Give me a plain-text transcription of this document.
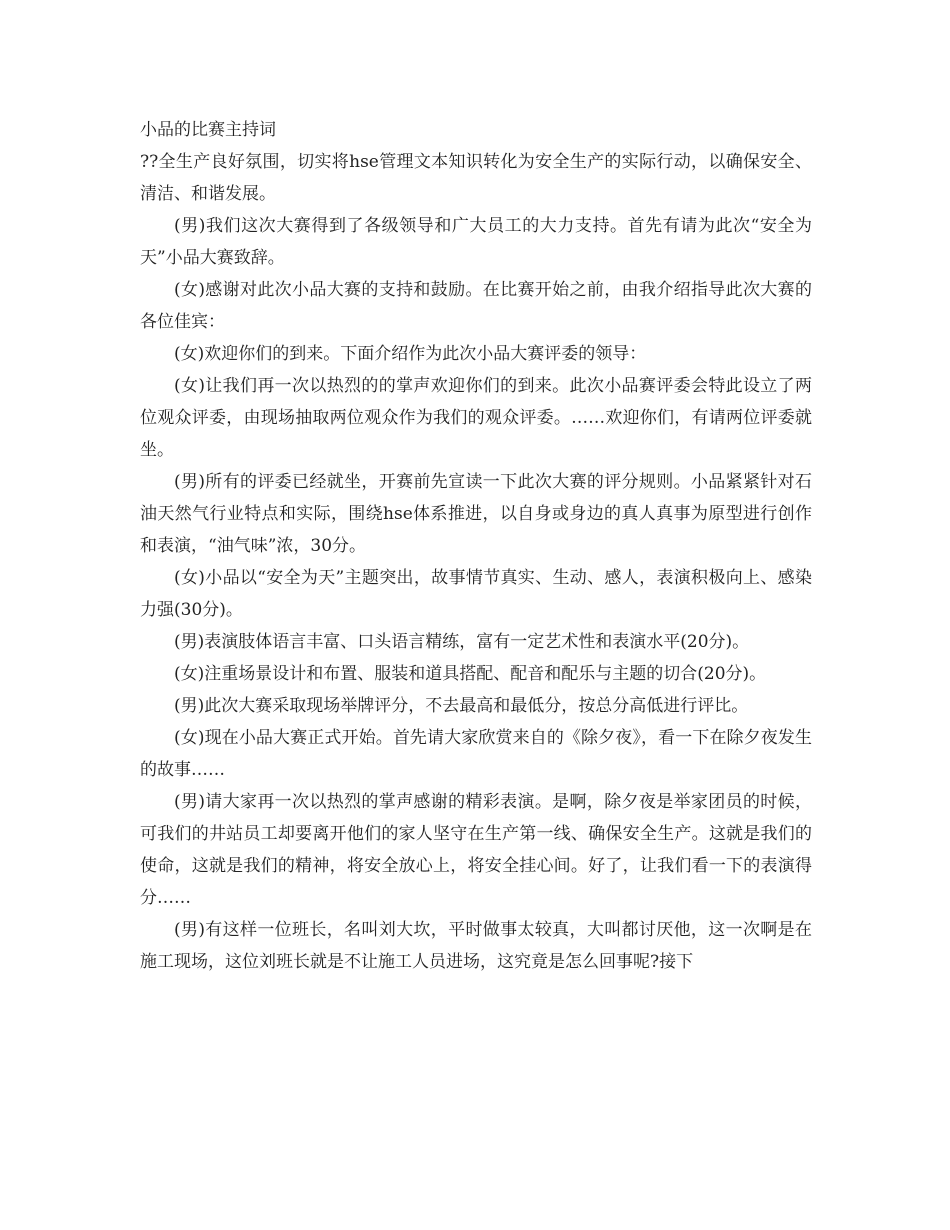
小品的比赛主持词

??全生产良好氛围，切实将hse管理文本知识转化为安全生产的实际行动，以确保安全、清洁、和谐发展。

(男)我们这次大赛得到了各级领导和广大员工的大力支持。首先有请为此次“安全为天”小品大赛致辞。

(女)感谢对此次小品大赛的支持和鼓励。在比赛开始之前，由我介绍指导此次大赛的各位佳宾：

(女)欢迎你们的到来。下面介绍作为此次小品大赛评委的领导：

(女)让我们再一次以热烈的的掌声欢迎你们的到来。此次小品赛评委会特此设立了两位观众评委，由现场抽取两位观众作为我们的观众评委。……欢迎你们，有请两位评委就坐。

(男)所有的评委已经就坐，开赛前先宣读一下此次大赛的评分规则。小品紧紧针对石油天然气行业特点和实际，围绕hse体系推进，以自身或身边的真人真事为原型进行创作和表演，“油气味”浓，30分。

(女)小品以“安全为天”主题突出，故事情节真实、生动、感人，表演积极向上、感染力强(30分)。

(男)表演肢体语言丰富、口头语言精练，富有一定艺术性和表演水平(20分)。

(女)注重场景设计和布置、服装和道具搭配、配音和配乐与主题的切合(20分)。

(男)此次大赛采取现场举牌评分，不去最高和最低分，按总分高低进行评比。

(女)现在小品大赛正式开始。首先请大家欣赏来自的《除夕夜》，看一下在除夕夜发生的故事……

(男)请大家再一次以热烈的掌声感谢的精彩表演。是啊，除夕夜是举家团员的时候，可我们的井站员工却要离开他们的家人坚守在生产第一线、确保安全生产。这就是我们的使命，这就是我们的精神，将安全放心上，将安全挂心间。好了，让我们看一下的表演得分……

(男)有这样一位班长，名叫刘大坎，平时做事太较真，大叫都讨厌他，这一次啊是在施工现场，这位刘班长就是不让施工人员进场，这究竟是怎么回事呢?接下
